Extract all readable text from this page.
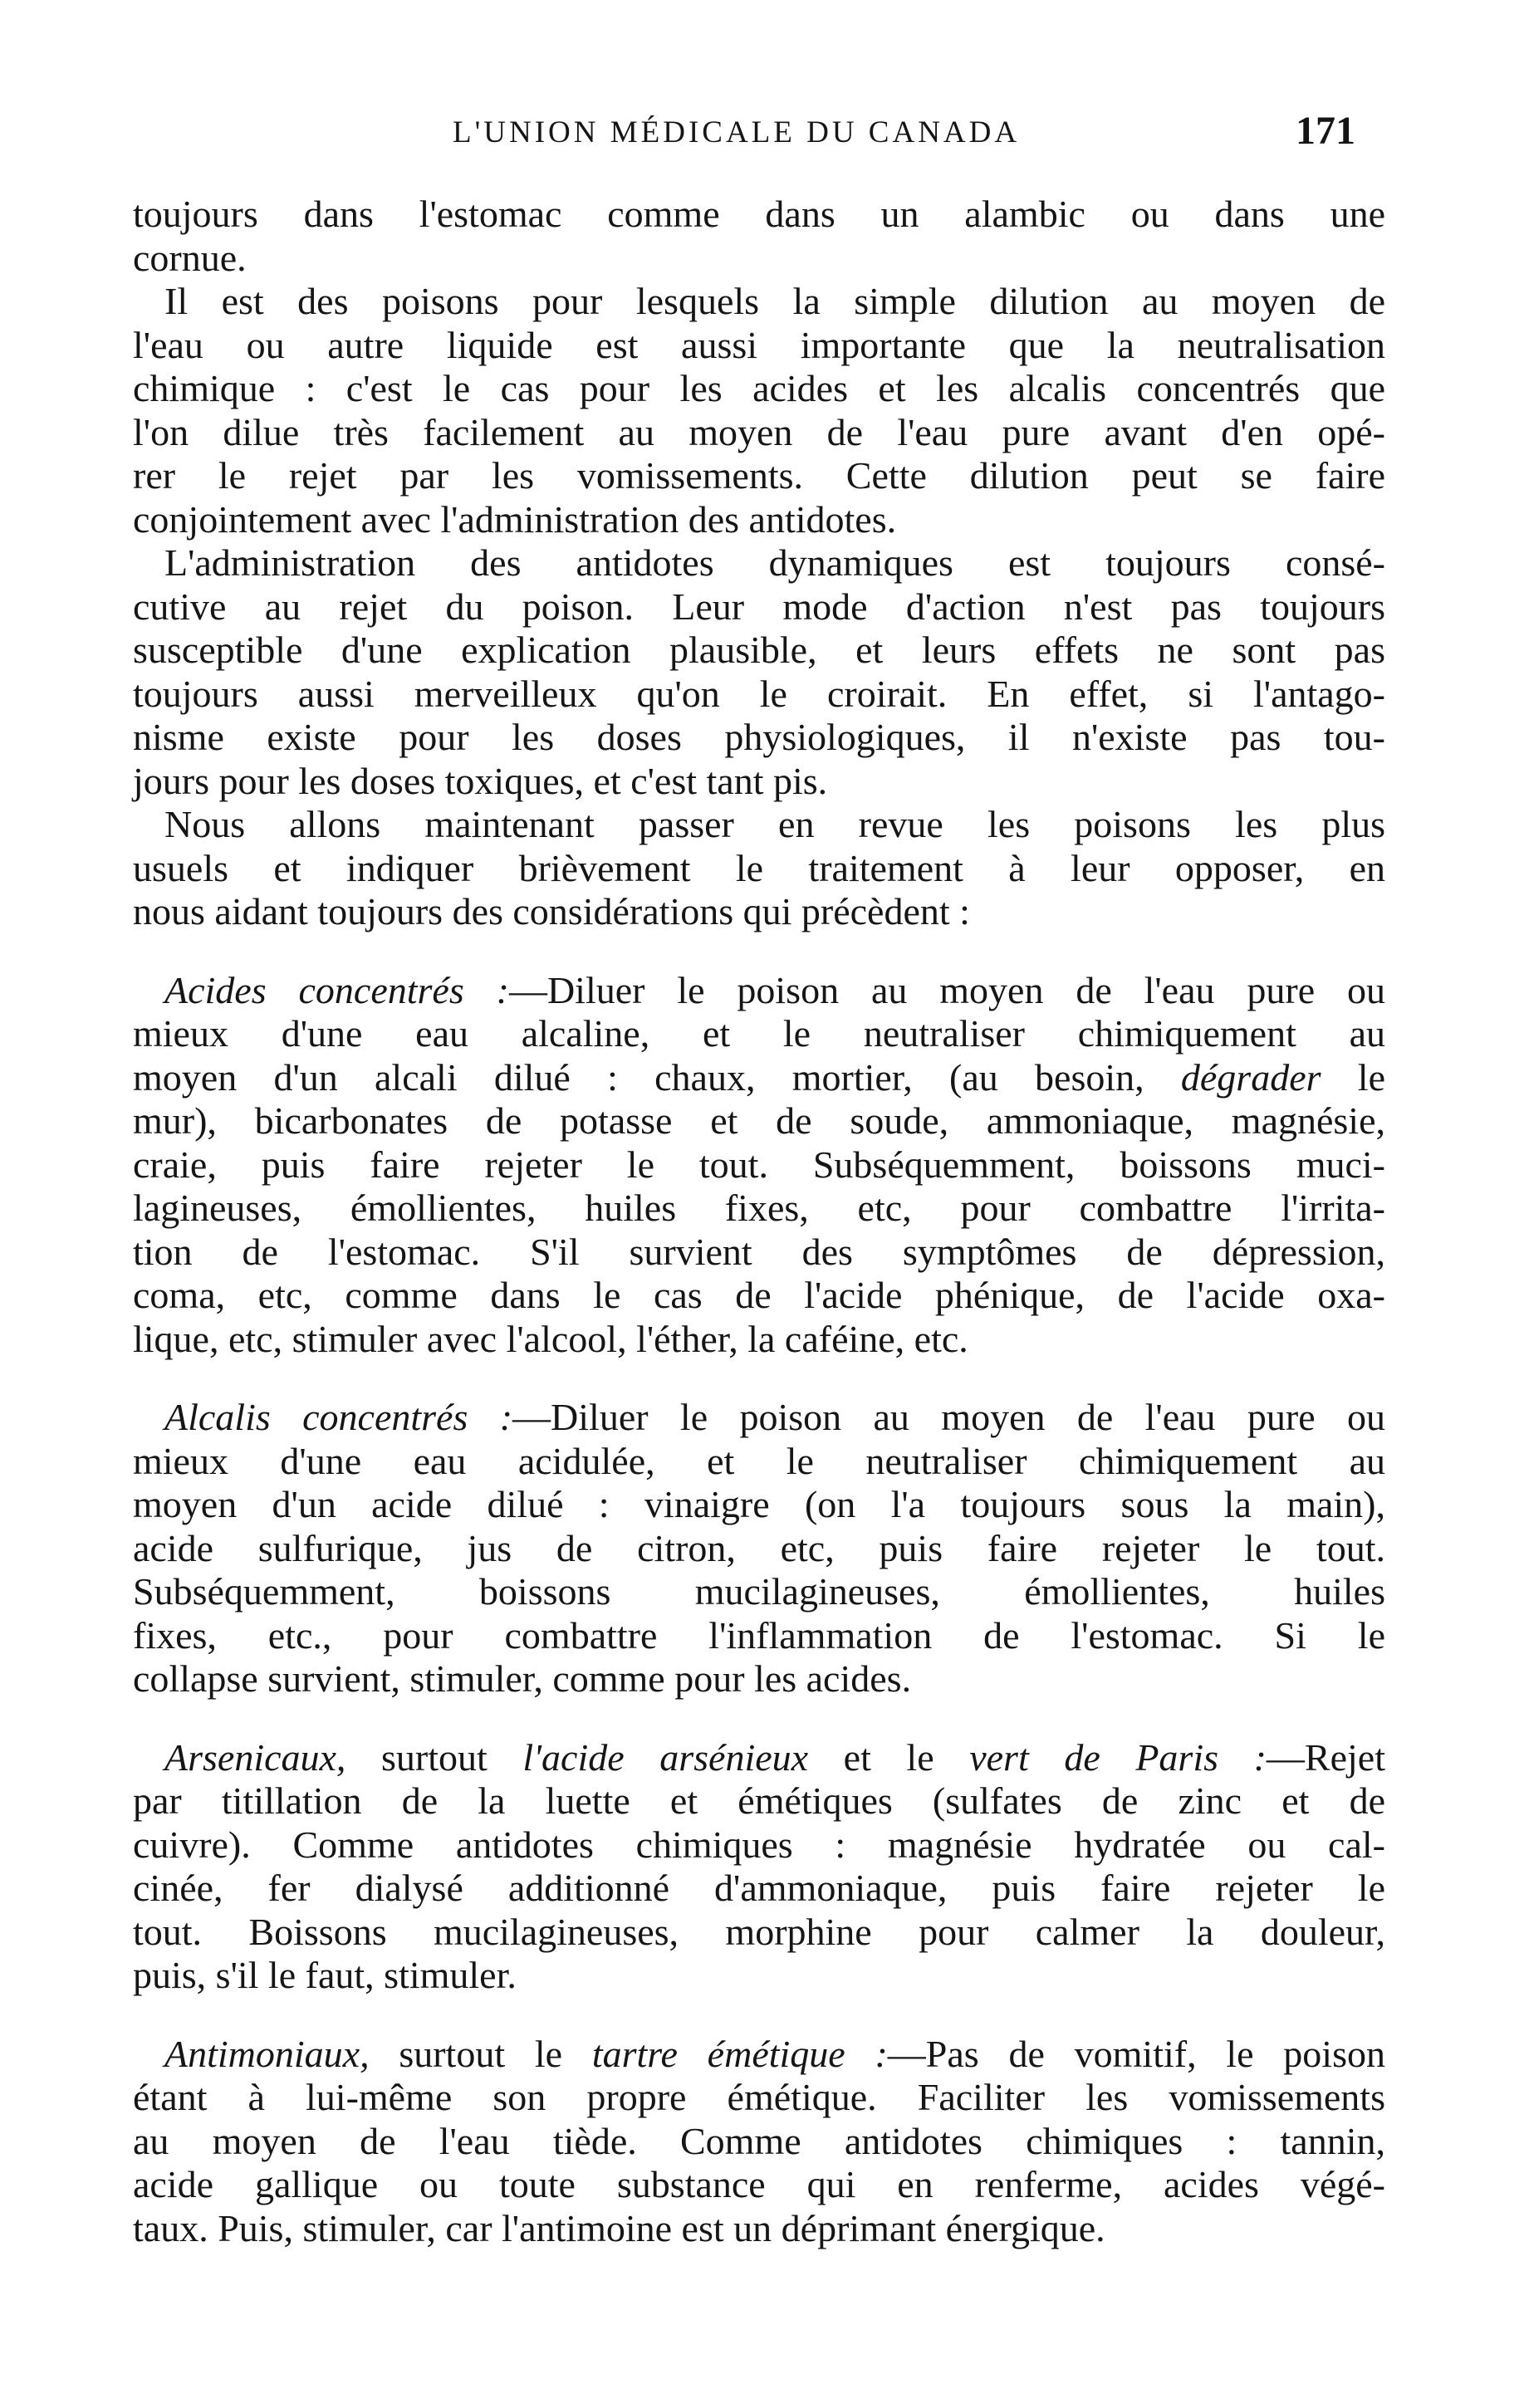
L'UNION MÉDICALE DU CANADA	171
toujours dans l'estomac comme dans un alambic ou dans une
cornue.
Il est des poisons pour lesquels la simple dilution au moyen de
l'eau ou autre liquide est aussi importante que la neutralisation
chimique : c'est le cas pour les acides et les alcalis concentrés que
l'on dilue très facilement au moyen de l'eau pure avant d'en opé-
rer le rejet par les vomissements. Cette dilution peut se faire
conjointement avec l'administration des antidotes.
L'administration des antidotes dynamiques est toujours consé-
cutive au rejet du poison. Leur mode d'action n'est pas toujours
susceptible d'une explication plausible, et leurs effets ne sont pas
toujours aussi merveilleux qu'on le croirait. En effet, si l'antago-
nisme existe pour les doses physiologiques, il n'existe pas tou-
jours pour les doses toxiques, et c'est tant pis.
Nous allons maintenant passer en revue les poisons les plus
usuels et indiquer brièvement le traitement à leur opposer, en
nous aidant toujours des considérations qui précèdent :
Acides concentrés :—Diluer le poison au moyen de l'eau pure ou
mieux d'une eau alcaline, et le neutraliser chimiquement au
moyen d'un alcali dilué : chaux, mortier, (au besoin, dégrader le
mur), bicarbonates de potasse et de soude, ammoniaque, magnésie,
craie, puis faire rejeter le tout. Subséquemment, boissons muci-
lagineuses, émollientes, huiles fixes, etc, pour combattre l'irrita-
tion de l'estomac. S'il survient des symptômes de dépression,
coma, etc, comme dans le cas de l'acide phénique, de l'acide oxa-
lique, etc, stimuler avec l'alcool, l'éther, la caféine, etc.
Alcalis concentrés :—Diluer le poison au moyen de l'eau pure ou
mieux d'une eau acidulée, et le neutraliser chimiquement au
moyen d'un acide dilué : vinaigre (on l'a toujours sous la main),
acide sulfurique, jus de citron, etc, puis faire rejeter le tout.
Subséquemment, boissons mucilagineuses, émollientes, huiles
fixes, etc., pour combattre l'inflammation de l'estomac. Si le
collapse survient, stimuler, comme pour les acides.
Arsenicaux, surtout l'acide arsénieux et le vert de Paris :—Rejet
par titillation de la luette et émétiques (sulfates de zinc et de
cuivre). Comme antidotes chimiques : magnésie hydratée ou cal-
cinée, fer dialysé additionné d'ammoniaque, puis faire rejeter le
tout. Boissons mucilagineuses, morphine pour calmer la douleur,
puis, s'il le faut, stimuler.
Antimoniaux, surtout le tartre émétique :—Pas de vomitif, le poison
étant à lui-même son propre émétique. Faciliter les vomissements
au moyen de l'eau tiède. Comme antidotes chimiques : tannin,
acide gallique ou toute substance qui en renferme, acides végé-
taux. Puis, stimuler, car l'antimoine est un déprimant énergique.
